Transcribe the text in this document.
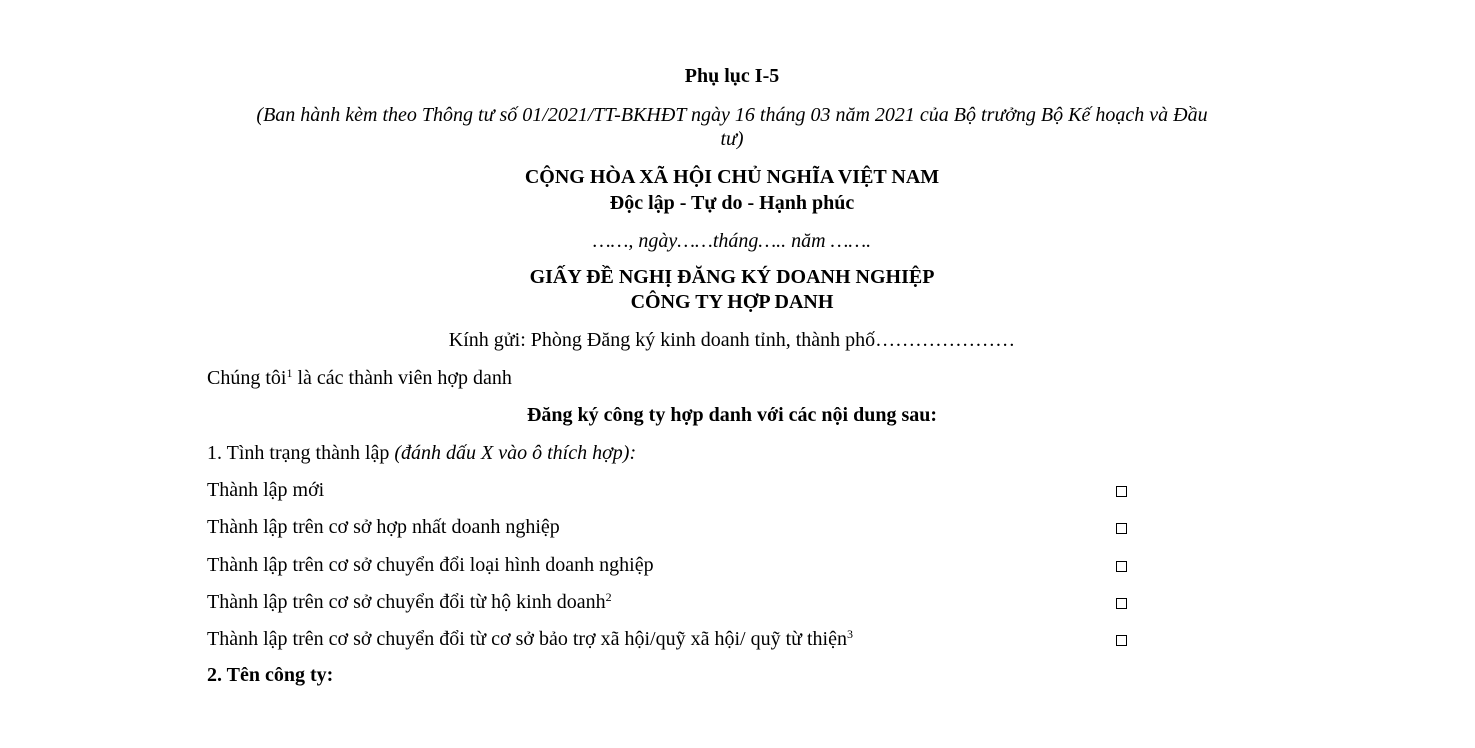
Phụ lục I-5
(Ban hành kèm theo Thông tư số 01/2021/TT-BKHĐT ngày 16 tháng 03 năm 2021 của Bộ trưởng Bộ Kế hoạch và Đầu
tư)
CỘNG HÒA XÃ HỘI CHỦ NGHĨA VIỆT NAM
Độc lập - Tự do - Hạnh phúc
……, ngày……tháng….. năm …….
GIẤY ĐỀ NGHỊ ĐĂNG KÝ DOANH NGHIỆP
CÔNG TY HỢP DANH
Kính gửi: Phòng Đăng ký kinh doanh tỉnh, thành phố…………………
Chúng tôi$^1$ là các thành viên hợp danh
Đăng ký công ty hợp danh với các nội dung sau:
1. Tình trạng thành lập (đánh dấu X vào ô thích hợp):
Thành lập mới
Thành lập trên cơ sở hợp nhất doanh nghiệp
Thành lập trên cơ sở chuyển đổi loại hình doanh nghiệp
Thành lập trên cơ sở chuyển đổi từ hộ kinh doanh$^2$
Thành lập trên cơ sở chuyển đổi từ cơ sở bảo trợ xã hội/quỹ xã hội/ quỹ từ thiện$^3$
2. Tên công ty:
